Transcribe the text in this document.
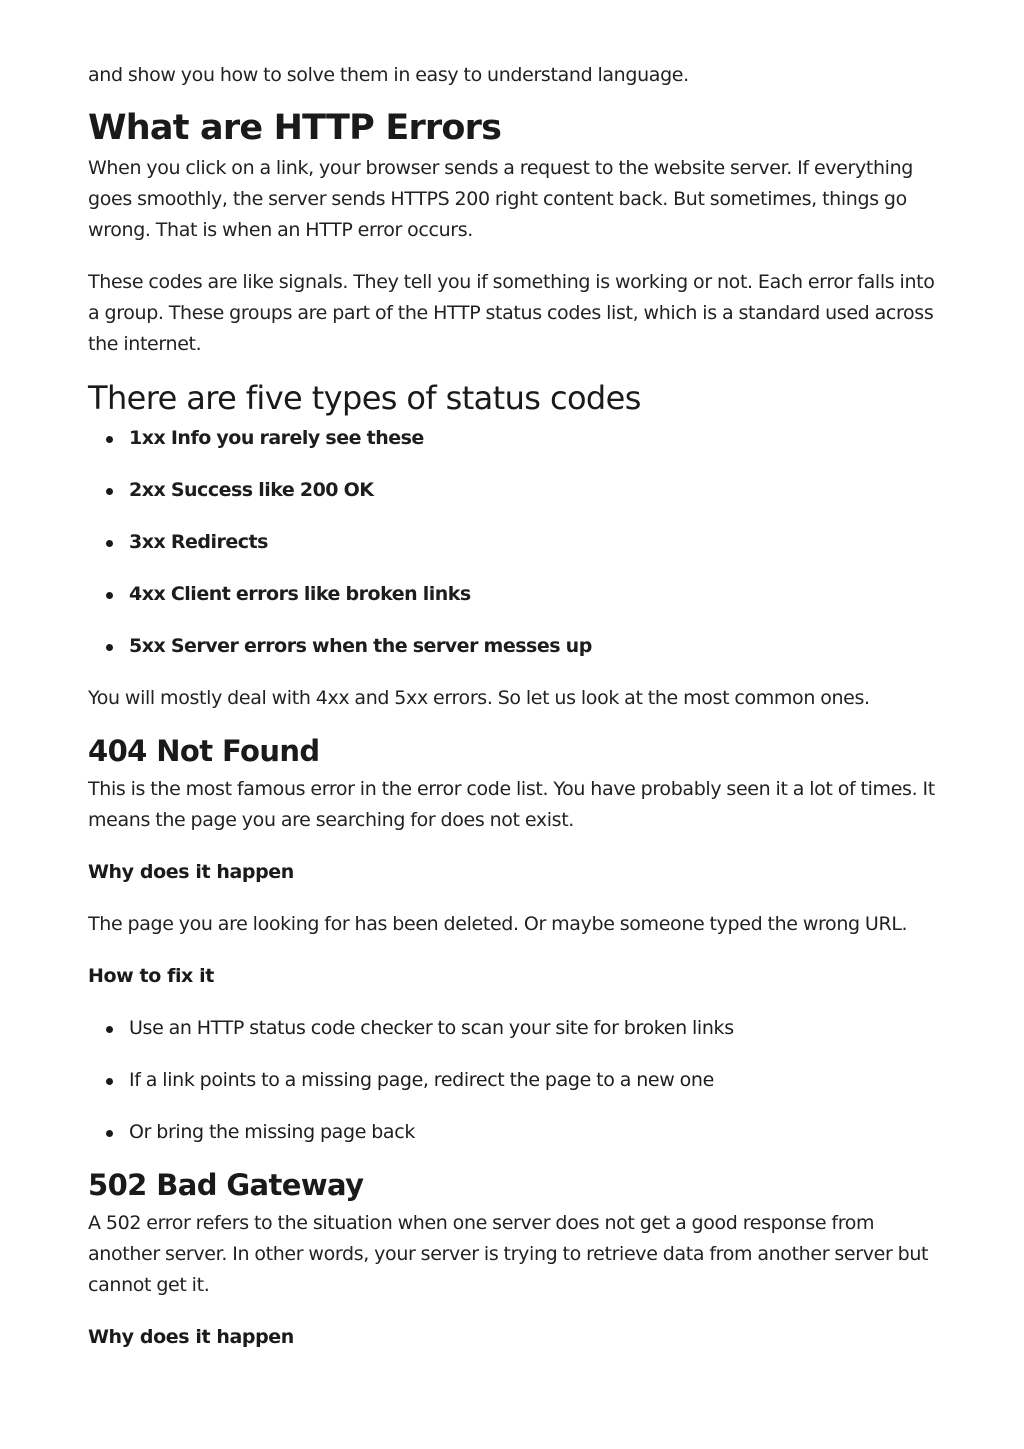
and show you how to solve them in easy to understand language.

What are HTTP Errors

When you click on a link, your browser sends a request to the website server. If everything goes smoothly, the server sends HTTPS 200 right content back. But sometimes, things go wrong. That is when an HTTP error occurs.

These codes are like signals. They tell you if something is working or not. Each error falls into a group. These groups are part of the HTTP status codes list, which is a standard used across the internet.

There are five types of status codes
1xx Info you rarely see these
2xx Success like 200 OK
3xx Redirects
4xx Client errors like broken links
5xx Server errors when the server messes up

You will mostly deal with 4xx and 5xx errors. So let us look at the most common ones.

404 Not Found

This is the most famous error in the error code list. You have probably seen it a lot of times. It means the page you are searching for does not exist.

Why does it happen

The page you are looking for has been deleted. Or maybe someone typed the wrong URL.

How to fix it

Use an HTTP status code checker to scan your site for broken links
If a link points to a missing page, redirect the page to a new one
Or bring the missing page back
502 Bad Gateway

A 502 error refers to the situation when one server does not get a good response from another server. In other words, your server is trying to retrieve data from another server but cannot get it.

Why does it happen
